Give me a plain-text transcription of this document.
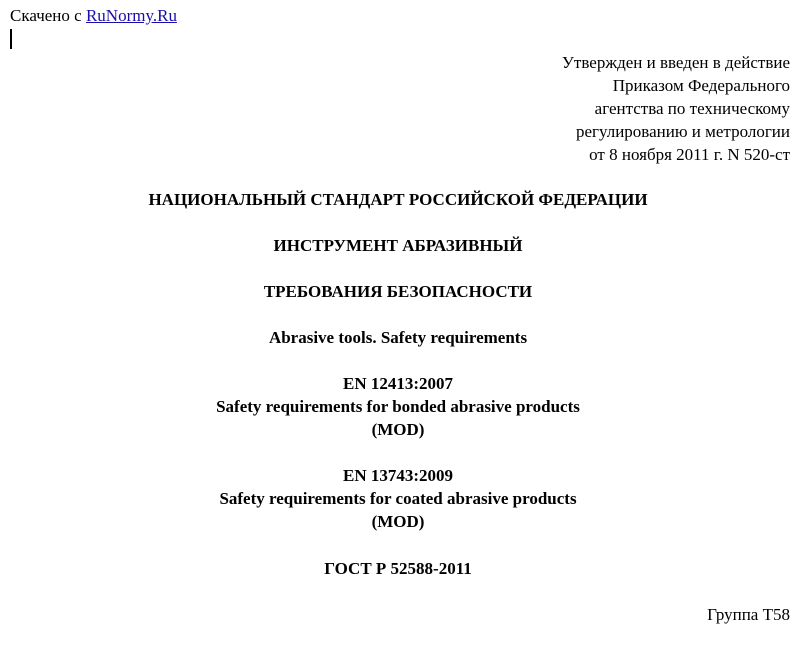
Скачено с RuNormy.Ru
Утвержден и введен в действие
Приказом Федерального
агентства по техническому
регулированию и метрологии
от 8 ноября 2011 г. N 520-ст
НАЦИОНАЛЬНЫЙ СТАНДАРТ РОССИЙСКОЙ ФЕДЕРАЦИИ
ИНСТРУМЕНТ АБРАЗИВНЫЙ
ТРЕБОВАНИЯ БЕЗОПАСНОСТИ
Abrasive tools. Safety requirements
EN 12413:2007
Safety requirements for bonded abrasive products
(MOD)
EN 13743:2009
Safety requirements for coated abrasive products
(MOD)
ГОСТ Р 52588-2011
Группа Т58
